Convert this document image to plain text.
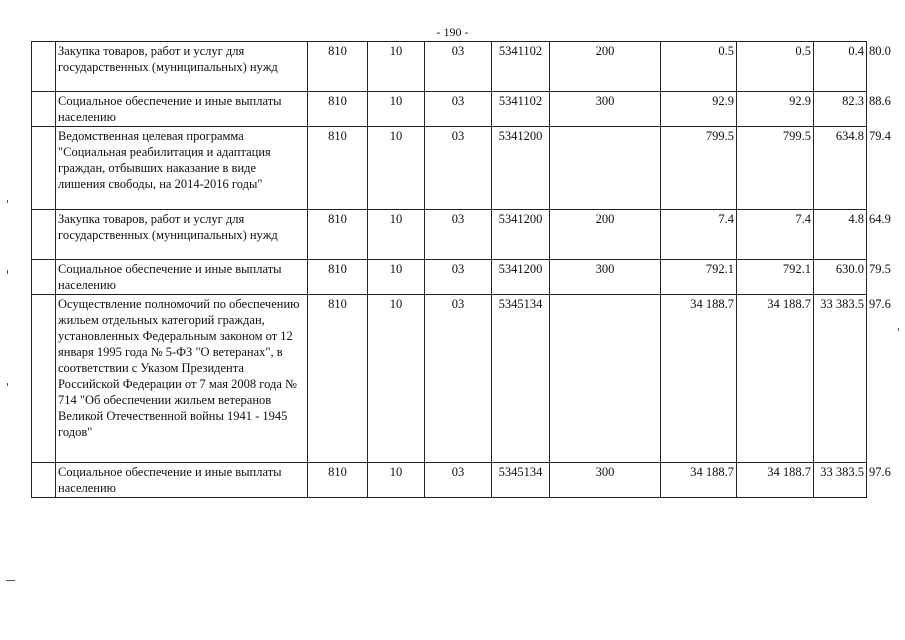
- 190 -
	Закупка товаров, работ и услуг для государственных (муниципальных) нужд	810	10	03	5341102	200	0.5	0.5	0.4	80.0
	Социальное обеспечение и иные выплаты населению	810	10	03	5341102	300	92.9	92.9	82.3	88.6
	Ведомственная целевая программа "Социальная реабилитация и адаптация граждан, отбывших наказание в виде лишения свободы, на 2014-2016 годы"	810	10	03	5341200		799.5	799.5	634.8	79.4
	Закупка товаров, работ и услуг для государственных (муниципальных) нужд	810	10	03	5341200	200	7.4	7.4	4.8	64.9
	Социальное обеспечение и иные выплаты населению	810	10	03	5341200	300	792.1	792.1	630.0	79.5
	Осуществление полномочий по обеспечению жильем отдельных категорий граждан, установленных Федеральным законом от 12 января 1995 года № 5-ФЗ "О ветеранах", в соответствии с Указом Президента Российской Федерации от 7 мая 2008 года № 714 "Об обеспечении жильем ветеранов Великой Отечественной войны 1941 - 1945 годов"	810	10	03	5345134		34 188.7	34 188.7	33 383.5	97.6
	Социальное обеспечение и иные выплаты населению	810	10	03	5345134	300	34 188.7	34 188.7	33 383.5	97.6
